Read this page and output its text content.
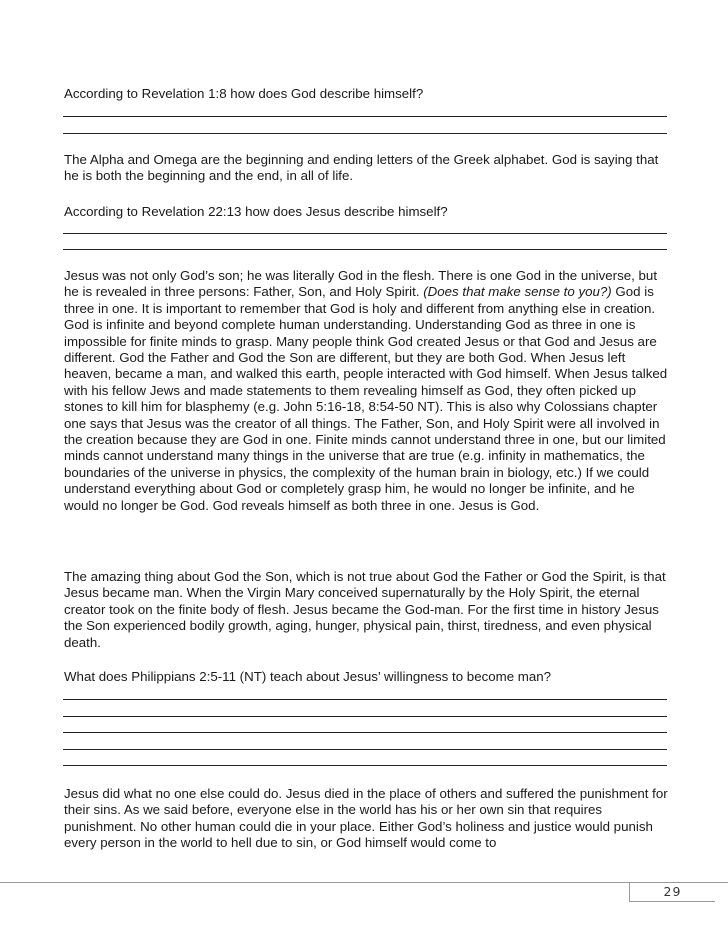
According to Revelation 1:8 how does God describe himself?
The Alpha and Omega are the beginning and ending letters of the Greek alphabet. God is saying that he is both the beginning and the end, in all of life.
According to Revelation 22:13 how does Jesus describe himself?
Jesus was not only God’s son; he was literally God in the flesh. There is one God in the universe, but he is revealed in three persons: Father, Son, and Holy Spirit. (Does that make sense to you?) God is three in one. It is important to remember that God is holy and different from anything else in creation. God is infinite and beyond complete human understanding. Understanding God as three in one is impossible for finite minds to grasp. Many people think God created Jesus or that God and Jesus are different. God the Father and God the Son are different, but they are both God. When Jesus left heaven, became a man, and walked this earth, people interacted with God himself. When Jesus talked with his fellow Jews and made statements to them revealing himself as God, they often picked up stones to kill him for blasphemy (e.g. John 5:16-18, 8:54-50 NT). This is also why Colossians chapter one says that Jesus was the creator of all things. The Father, Son, and Holy Spirit were all involved in the creation because they are God in one. Finite minds cannot understand three in one, but our limited minds cannot understand many things in the universe that are true (e.g. infinity in mathematics, the boundaries of the universe in physics, the complexity of the human brain in biology, etc.) If we could understand everything about God or completely grasp him, he would no longer be infinite, and he would no longer be God. God reveals himself as both three in one. Jesus is God.
The amazing thing about God the Son, which is not true about God the Father or God the Spirit, is that Jesus became man. When the Virgin Mary conceived supernaturally by the Holy Spirit, the eternal creator took on the finite body of flesh. Jesus became the God-man. For the first time in history Jesus the Son experienced bodily growth, aging, hunger, physical pain, thirst, tiredness, and even physical death.
What does Philippians 2:5-11 (NT) teach about Jesus’ willingness to become man?
Jesus did what no one else could do. Jesus died in the place of others and suffered the punishment for their sins. As we said before, everyone else in the world has his or her own sin that requires punishment. No other human could die in your place. Either God’s holiness and justice would punish every person in the world to hell due to sin, or God himself would come to
29
